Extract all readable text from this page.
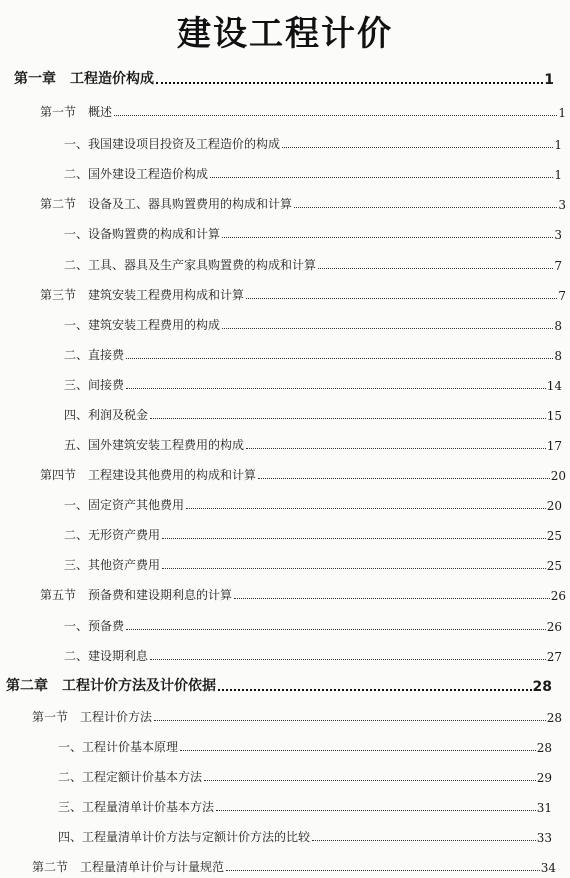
建设工程计价
第一章　工程造价构成	1
第一节　概述	1
一、我国建设项目投资及工程造价的构成	1
二、国外建设工程造价构成	1
第二节　设备及工、器具购置费用的构成和计算	3
一、设备购置费的构成和计算	3
二、工具、器具及生产家具购置费的构成和计算	7
第三节　建筑安装工程费用构成和计算	7
一、建筑安装工程费用的构成	8
二、直接费	8
三、间接费	14
四、利润及税金	15
五、国外建筑安装工程费用的构成	17
第四节　工程建设其他费用的构成和计算	20
一、固定资产其他费用	20
二、无形资产费用	25
三、其他资产费用	25
第五节　预备费和建设期利息的计算	26
一、预备费	26
二、建设期利息	27
第二章　工程计价方法及计价依据	28
第一节　工程计价方法	28
一、工程计价基本原理	28
二、工程定额计价基本方法	29
三、工程量清单计价基本方法	31
四、工程量清单计价方法与定额计价方法的比较	33
第二节　工程量清单计价与计量规范	34
